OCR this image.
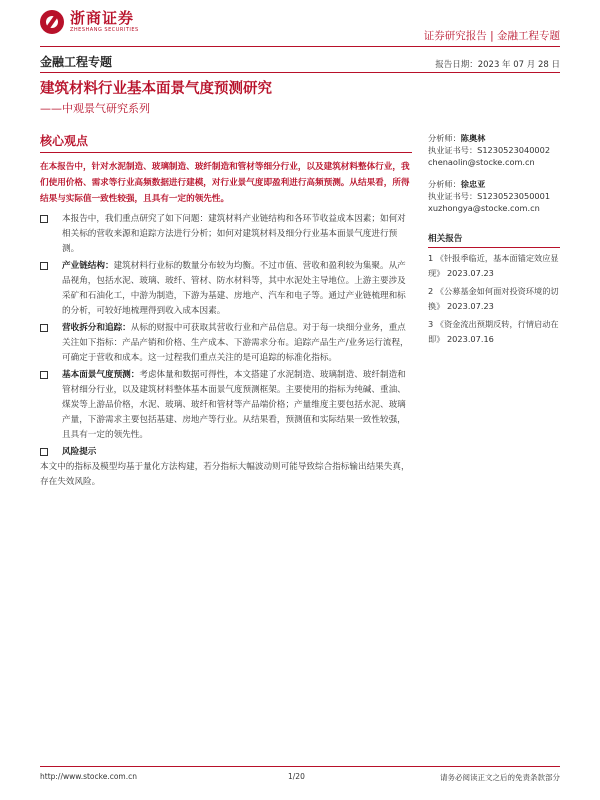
浙商证券
ZHESHANG SECURITIES	证券研究报告 | 金融工程专题
金融工程专题	报告日期：2023 年 07 月 28 日
建筑材料行业基本面景气度预测研究
——中观景气研究系列
核心观点
在本报告中，针对水泥制造、玻璃制造、玻纤制造和管材等细分行业，以及建筑材料整体行业，我们使用价格、需求等行业高频数据进行建模，对行业景气度即盈利进行高频预测。从结果看，所得结果与实际值一致性较强，且具有一定的领先性。
本报告中，我们重点研究了如下问题：建筑材料产业链结构和各环节收益成本因素；如何对相关标的营收来源和追踪方法进行分析；如何对建筑材料及细分行业基本面景气度进行预测。
产业链结构：建筑材料行业标的数量分布较为均衡。不过市值、营收和盈利较为集聚。从产品视角，包括水泥、玻璃、玻纤、管材、防水材料等，其中水泥处主导地位。上游主要涉及采矿和石油化工，中游为制造，下游为基建、房地产、汽车和电子等。通过产业链梳理和标的分析，可较好地梳理得到收入成本因素。
营收拆分和追踪：从标的财报中可获取其营收行业和产品信息。对于每一块细分业务，重点关注如下指标：产品产销和价格、生产成本、下游需求分布。追踪产品生产/业务运行流程，可确定于营收和成本。这一过程我们重点关注的是可追踪的标准化指标。
基本面景气度预测：考虑体量和数据可得性，本文搭建了水泥制造、玻璃制造、玻纤制造和管材细分行业，以及建筑材料整体基本面景气度预测框架。主要使用的指标为纯碱、重油、煤炭等上游品价格，水泥、玻璃、玻纤和管材等产品端价格；产量维度主要包括水泥、玻璃产量，下游需求主要包括基建、房地产等行业。从结果看，预测值和实际结果一致性较强，且具有一定的领先性。
风险提示
本文中的指标及模型均基于量化方法构建，若分指标大幅波动则可能导致综合指标输出结果失真，存在失效风险。
分析师：陈奥林
执业证书号：S1230523040002
chenaolin@stocke.com.cn
分析师：徐忠亚
执业证书号：S1230523050001
xuzhongya@stocke.com.cn
相关报告
1 《针报季临近，基本面锚定效应显现》 2023.07.23
2 《公募基金如何面对投资环境的切换》 2023.07.23
3 《资金流出预期反转，行情启动在即》 2023.07.16
http://www.stocke.com.cn	1/20	请务必阅读正文之后的免责条款部分
